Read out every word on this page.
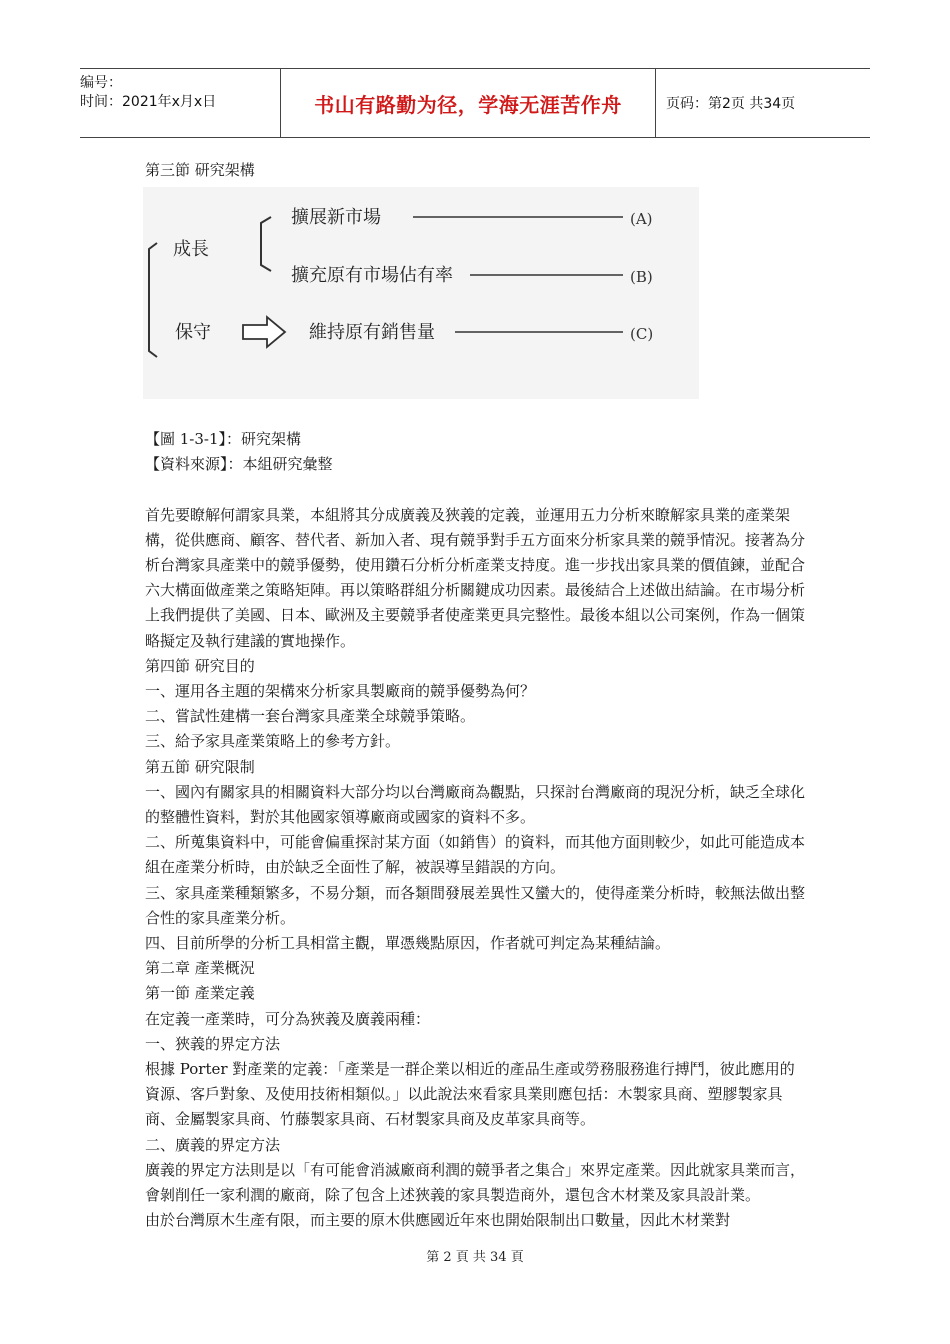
编号：
时间：2021年x月x日	书山有路勤为径，学海无涯苦作舟	页码：第2页 共34页

第三節 研究架構

成長
擴展新市場
擴充原有市場佔有率
保守	維持原有銷售量
(A)
(B)
(C)

【圖 1-3-1】：研究架構

【資料來源】：本組研究彙整

首先要瞭解何謂家具業，本組將其分成廣義及狹義的定義，並運用五力分析來瞭解家具業的產業架構，從供應商、顧客、替代者、新加入者、現有競爭對手五方面來分析家具業的競爭情況。接著為分析台灣家具產業中的競爭優勢，使用鑽石分析分析產業支持度。進一步找出家具業的價值鍊，並配合六大構面做產業之策略矩陣。再以策略群組分析關鍵成功因素。最後結合上述做出結論。在市場分析上我們提供了美國、日本、歐洲及主要競爭者使產業更具完整性。最後本組以公司案例，作為一個策略擬定及執行建議的實地操作。

第四節 研究目的

一、運用各主題的架構來分析家具製廠商的競爭優勢為何？

二、嘗試性建構一套台灣家具產業全球競爭策略。

三、給予家具產業策略上的參考方針。

第五節 研究限制

一、國內有關家具的相關資料大部分均以台灣廠商為觀點，只探討台灣廠商的現況分析，缺乏全球化的整體性資料，對於其他國家領導廠商或國家的資料不多。

二、所蒐集資料中，可能會偏重探討某方面（如銷售）的資料，而其他方面則較少，如此可能造成本組在產業分析時，由於缺乏全面性了解，被誤導呈錯誤的方向。

三、家具產業種類繁多，不易分類，而各類間發展差異性又蠻大的，使得產業分析時，較無法做出整合性的家具產業分析。

四、目前所學的分析工具相當主觀，單憑幾點原因，作者就可判定為某種結論。

第二章 產業概況

第一節 產業定義

在定義一產業時，可分為狹義及廣義兩種：

一、狹義的界定方法

根據 Porter 對產業的定義：「產業是一群企業以相近的產品生產或勞務服務進行搏鬥，彼此應用的資源、客戶對象、及使用技術相類似。」以此說法來看家具業則應包括：木製家具商、塑膠製家具商、金屬製家具商、竹藤製家具商、石材製家具商及皮革家具商等。

二、廣義的界定方法

廣義的界定方法則是以「有可能會消滅廠商利潤的競爭者之集合」來界定產業。因此就家具業而言，會剝削任一家利潤的廠商，除了包含上述狹義的家具製造商外，還包含木材業及家具設計業。

由於台灣原木生產有限，而主要的原木供應國近年來也開始限制出口數量，因此木材業對

第 2 頁 共 34 頁
